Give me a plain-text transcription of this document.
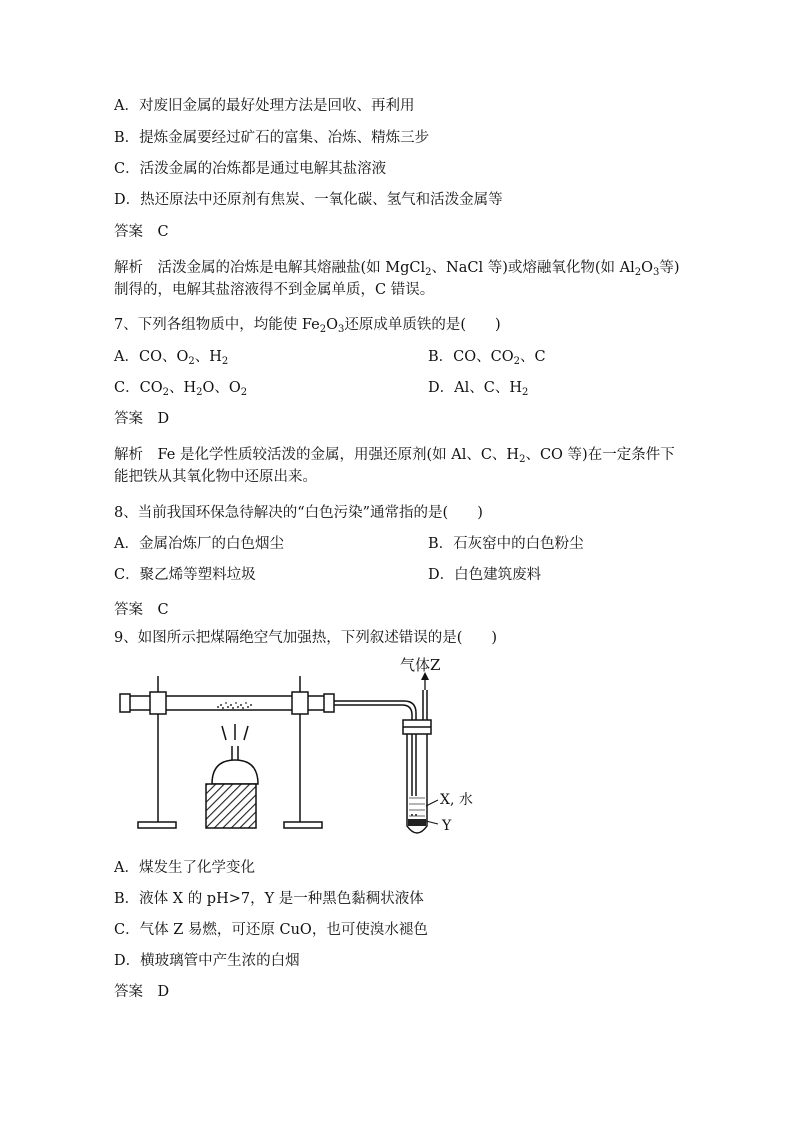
A．对废旧金属的最好处理方法是回收、再利用
B．提炼金属要经过矿石的富集、冶炼、精炼三步
C．活泼金属的冶炼都是通过电解其盐溶液
D．热还原法中还原剂有焦炭、一氧化碳、氢气和活泼金属等
答案　C
解析　活泼金属的冶炼是电解其熔融盐(如 MgCl$_2$、NaCl 等)或熔融氧化物(如 $Al_2O_3$等)制得的，电解其盐溶液得不到金属单质，C 错误。
7、下列各组物质中，均能使 $Fe_2O_3$还原成单质铁的是(　　)
A．CO、$O_2$、$H_2$	B．CO、$CO_2$、C
C．$CO_2$、$H_2O$、$O_2$	D．Al、C、$H_2$
答案　D
解析　Fe 是化学性质较活泼的金属，用强还原剂(如 Al、C、$H_2$、CO 等)在一定条件下能把铁从其氧化物中还原出来。
8、当前我国环保急待解决的“白色污染”通常指的是(　　)
A．金属冶炼厂的白色烟尘	B．石灰窑中的白色粉尘
C．聚乙烯等塑料垃圾	D．白色建筑废料
答案　C
9、如图所示把煤隔绝空气加强热，下列叙述错误的是(　　)
气体Z
X, 水
Y
A．煤发生了化学变化
B．液体 X 的 pH>7，Y 是一种黑色黏稠状液体
C．气体 Z 易燃，可还原 CuO，也可使溴水褪色
D．横玻璃管中产生浓的白烟
答案　D
